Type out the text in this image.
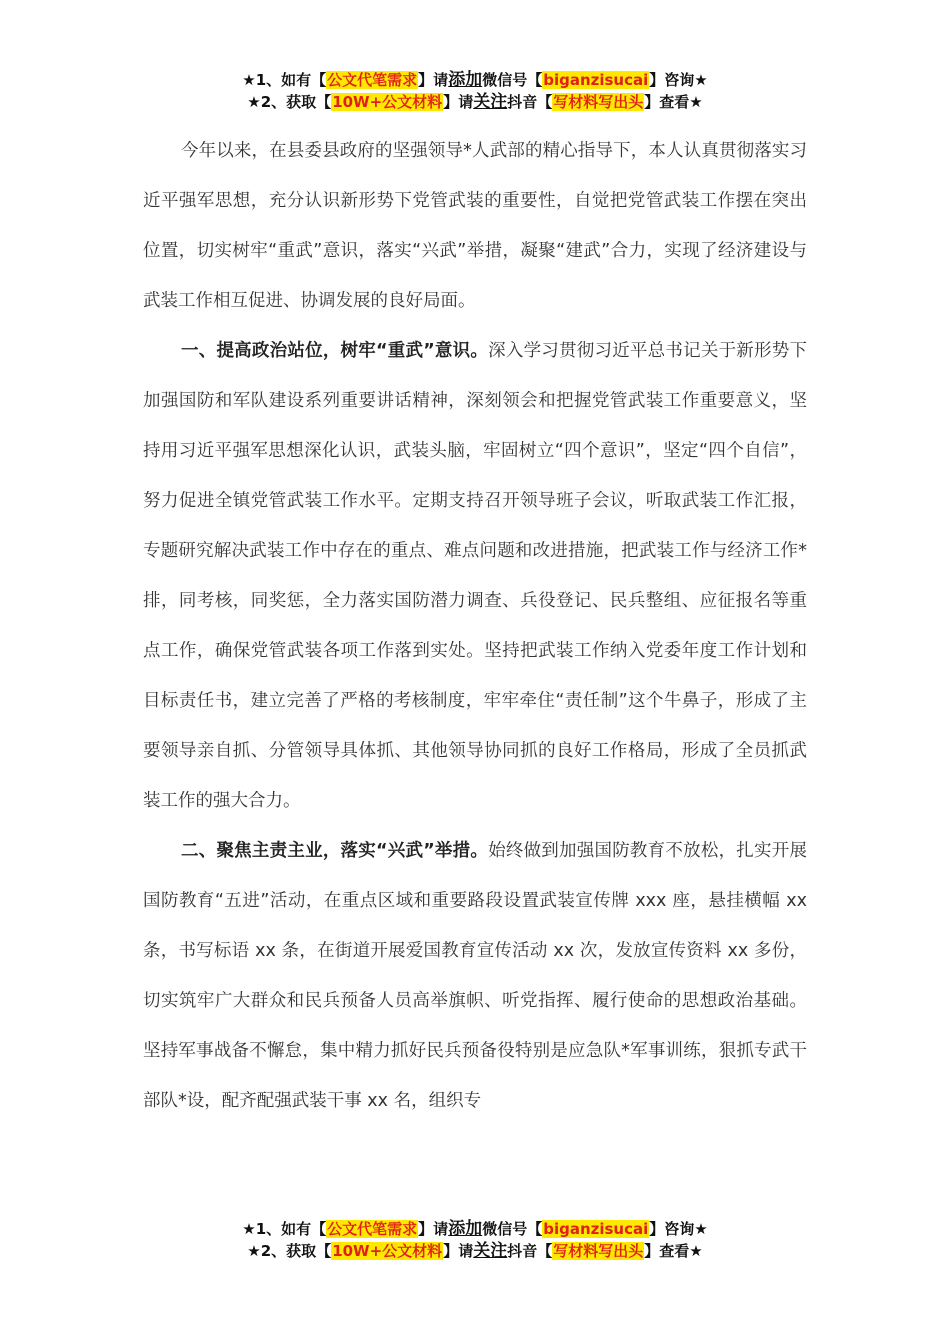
★1、如有【公文代笔需求】请添加微信号【biganzisucai】咨询★
★2、获取【10W+公文材料】请关注抖音【写材料写出头】查看★

今年以来，在县委县政府的坚强领导*人武部的精心指导下，本人认真贯彻落实习近平强军思想，充分认识新形势下党管武装的重要性，自觉把党管武装工作摆在突出位置，切实树牢“重武”意识，落实“兴武”举措，凝聚“建武”合力，实现了经济建设与武装工作相互促进、协调发展的良好局面。

一、提高政治站位，树牢“重武”意识。深入学习贯彻习近平总书记关于新形势下加强国防和军队建设系列重要讲话精神，深刻领会和把握党管武装工作重要意义，坚持用习近平强军思想深化认识，武装头脑，牢固树立“四个意识”，坚定“四个自信”，努力促进全镇党管武装工作水平。定期支持召开领导班子会议，听取武装工作汇报，专题研究解决武装工作中存在的重点、难点问题和改进措施，把武装工作与经济工作*排，同考核，同奖惩，全力落实国防潜力调查、兵役登记、民兵整组、应征报名等重点工作，确保党管武装各项工作落到实处。坚持把武装工作纳入党委年度工作计划和目标责任书，建立完善了严格的考核制度，牢牢牵住“责任制”这个牛鼻子，形成了主要领导亲自抓、分管领导具体抓、其他领导协同抓的良好工作格局，形成了全员抓武装工作的强大合力。

二、聚焦主责主业，落实“兴武”举措。始终做到加强国防教育不放松，扎实开展国防教育“五进”活动，在重点区域和重要路段设置武装宣传牌 xxx 座，悬挂横幅 xx 条，书写标语 xx 条，在街道开展爱国教育宣传活动 xx 次，发放宣传资料 xx 多份，切实筑牢广大群众和民兵预备人员高举旗帜、听党指挥、履行使命的思想政治基础。坚持军事战备不懈怠，集中精力抓好民兵预备役特别是应急队*军事训练，狠抓专武干部队*设，配齐配强武装干事 xx 名，组织专

★1、如有【公文代笔需求】请添加微信号【biganzisucai】咨询★
★2、获取【10W+公文材料】请关注抖音【写材料写出头】查看★
